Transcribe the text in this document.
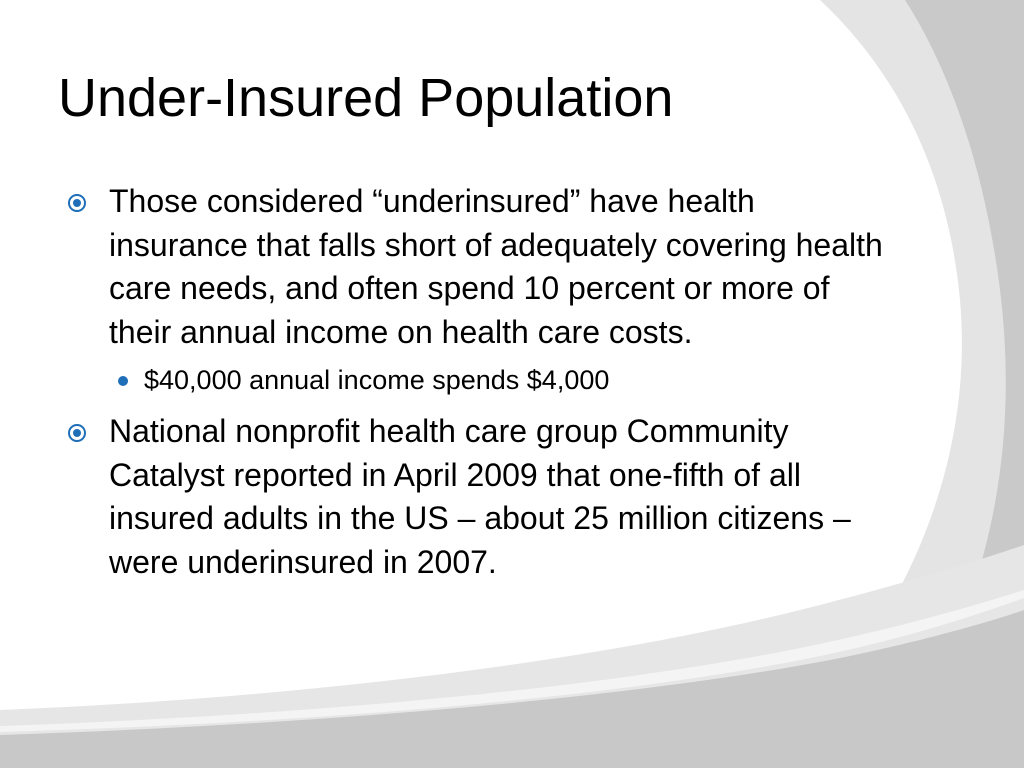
Under-Insured Population

Those considered “underinsured” have health insurance that falls short of adequately covering health care needs, and often spend 10 percent or more of their annual income on health care costs.

$40,000 annual income spends $4,000

National nonprofit health care group Community Catalyst reported in April 2009 that one-fifth of all insured adults in the US – about 25 million citizens – were underinsured in 2007.
